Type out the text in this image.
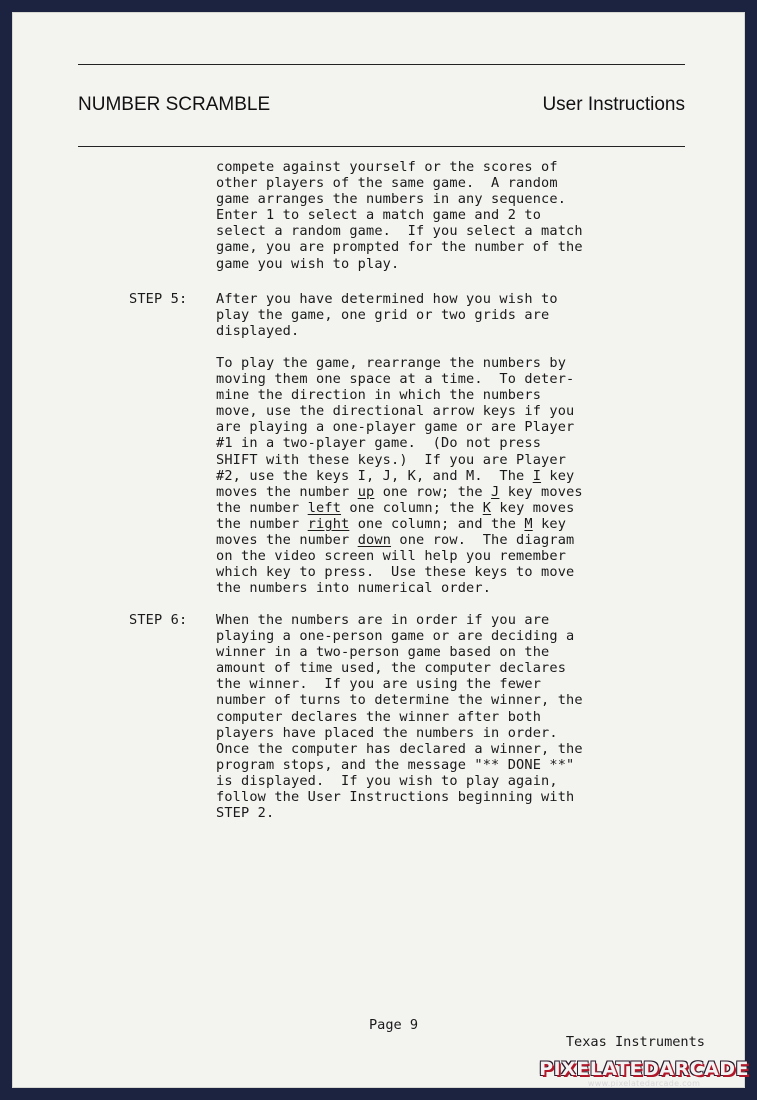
NUMBER SCRAMBLE	User Instructions
compete against yourself or the scores of
other players of the same game.  A random
game arranges the numbers in any sequence.
Enter 1 to select a match game and 2 to
select a random game.  If you select a match
game, you are prompted for the number of the
game you wish to play.
STEP 5: After you have determined how you wish to
play the game, one grid or two grids are
displayed.
To play the game, rearrange the numbers by
moving them one space at a time.  To deter-
mine the direction in which the numbers
move, use the directional arrow keys if you
are playing a one-player game or are Player
#1 in a two-player game.  (Do not press
SHIFT with these keys.)  If you are Player
#2, use the keys I, J, K, and M.  The I key
moves the number up one row; the J key moves
the number left one column; the K key moves
the number right one column; and the M key
moves the number down one row.  The diagram
on the video screen will help you remember
which key to press.  Use these keys to move
the numbers into numerical order.
STEP 6: When the numbers are in order if you are
playing a one-person game or are deciding a
winner in a two-person game based on the
amount of time used, the computer declares
the winner.  If you are using the fewer
number of turns to determine the winner, the
computer declares the winner after both
players have placed the numbers in order.
Once the computer has declared a winner, the
program stops, and the message "** DONE **"
is displayed.  If you wish to play again,
follow the User Instructions beginning with
STEP 2.
Page 9
Texas Instruments
PIXELATEDARCADE
www.pixelatedarcade.com
